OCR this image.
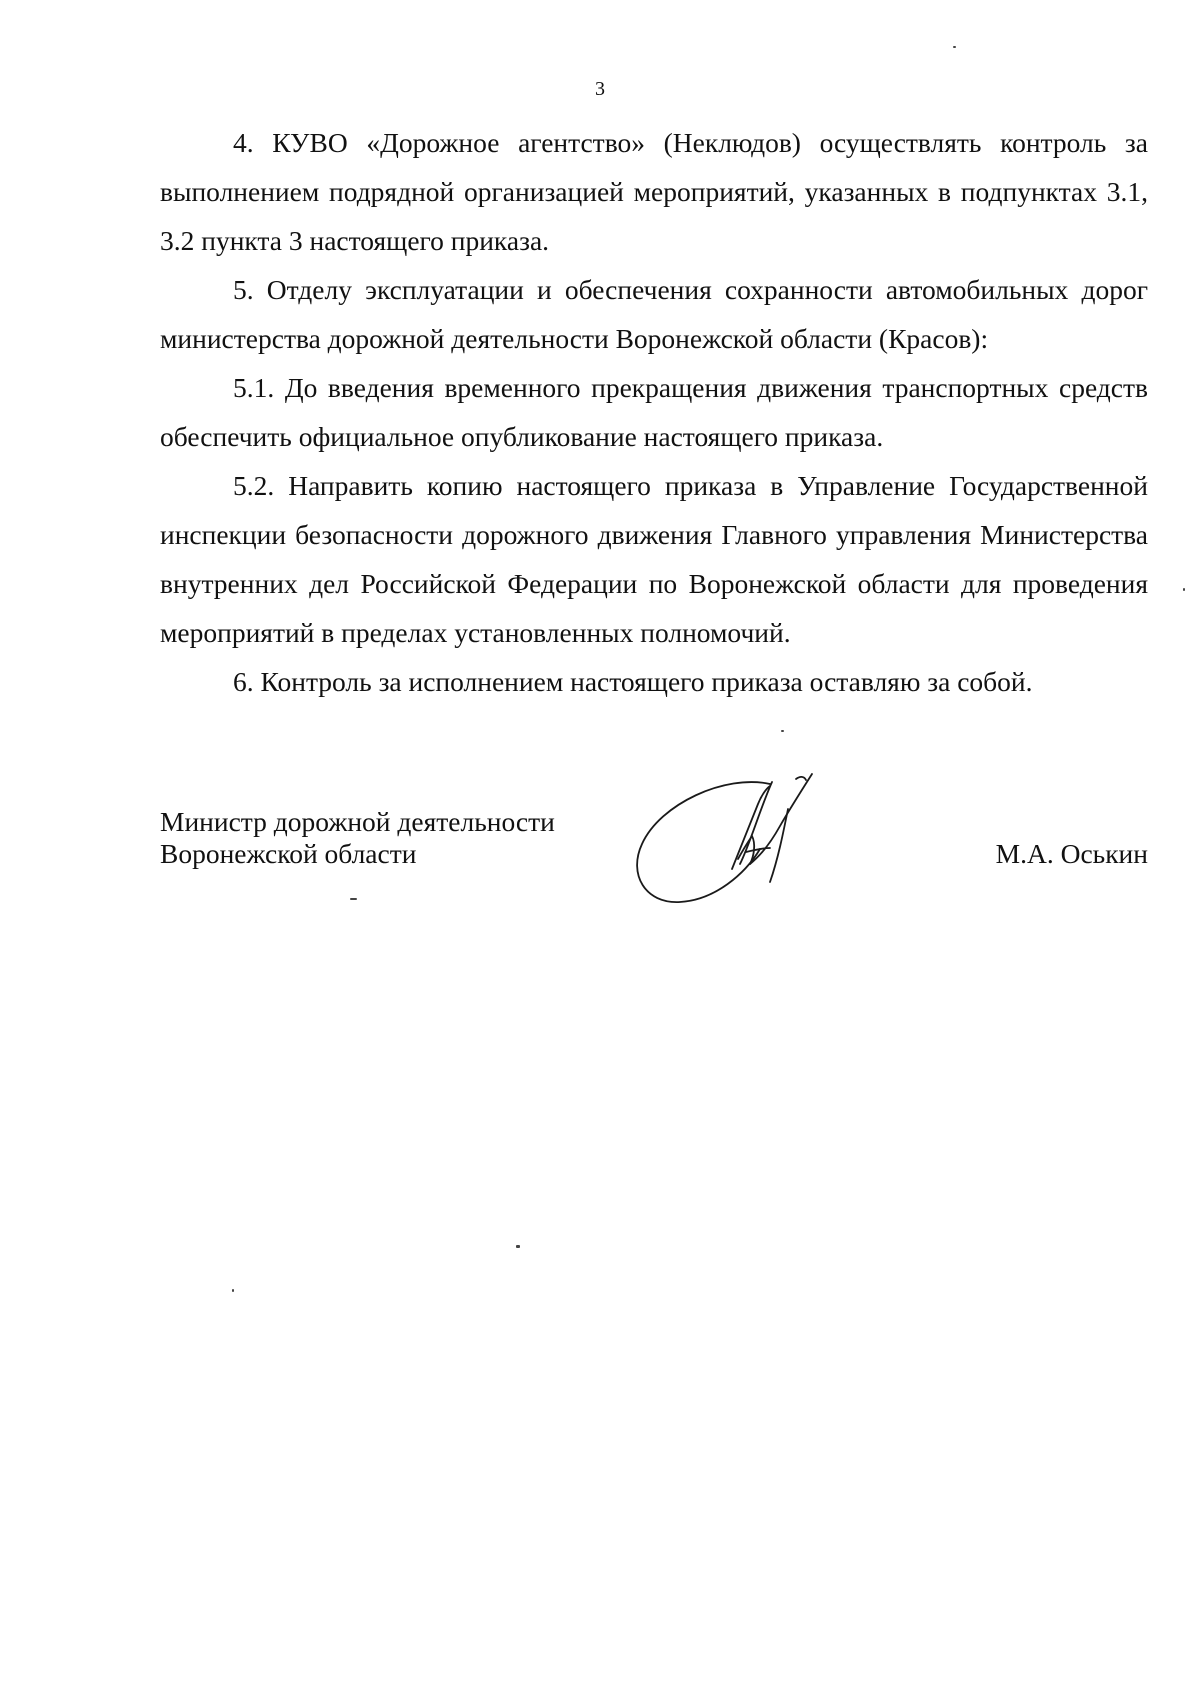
3

4. КУВО «Дорожное агентство» (Неклюдов) осуществлять контроль за выполнением подрядной организацией мероприятий, указанных в подпунктах 3.1, 3.2 пункта 3 настоящего приказа.

5. Отделу эксплуатации и обеспечения сохранности автомобильных дорог министерства дорожной деятельности Воронежской области (Красов):

5.1. До введения временного прекращения движения транспортных средств обеспечить официальное опубликование настоящего приказа.

5.2. Направить копию настоящего приказа в Управление Государственной инспекции безопасности дорожного движения Главного управления Министерства внутренних дел Российской Федерации по Воронежской области для проведения мероприятий в пределах установленных полномочий.

6. Контроль за исполнением настоящего приказа оставляю за собой.

Министр дорожной деятельности
Воронежской области	М.А. Оськин
